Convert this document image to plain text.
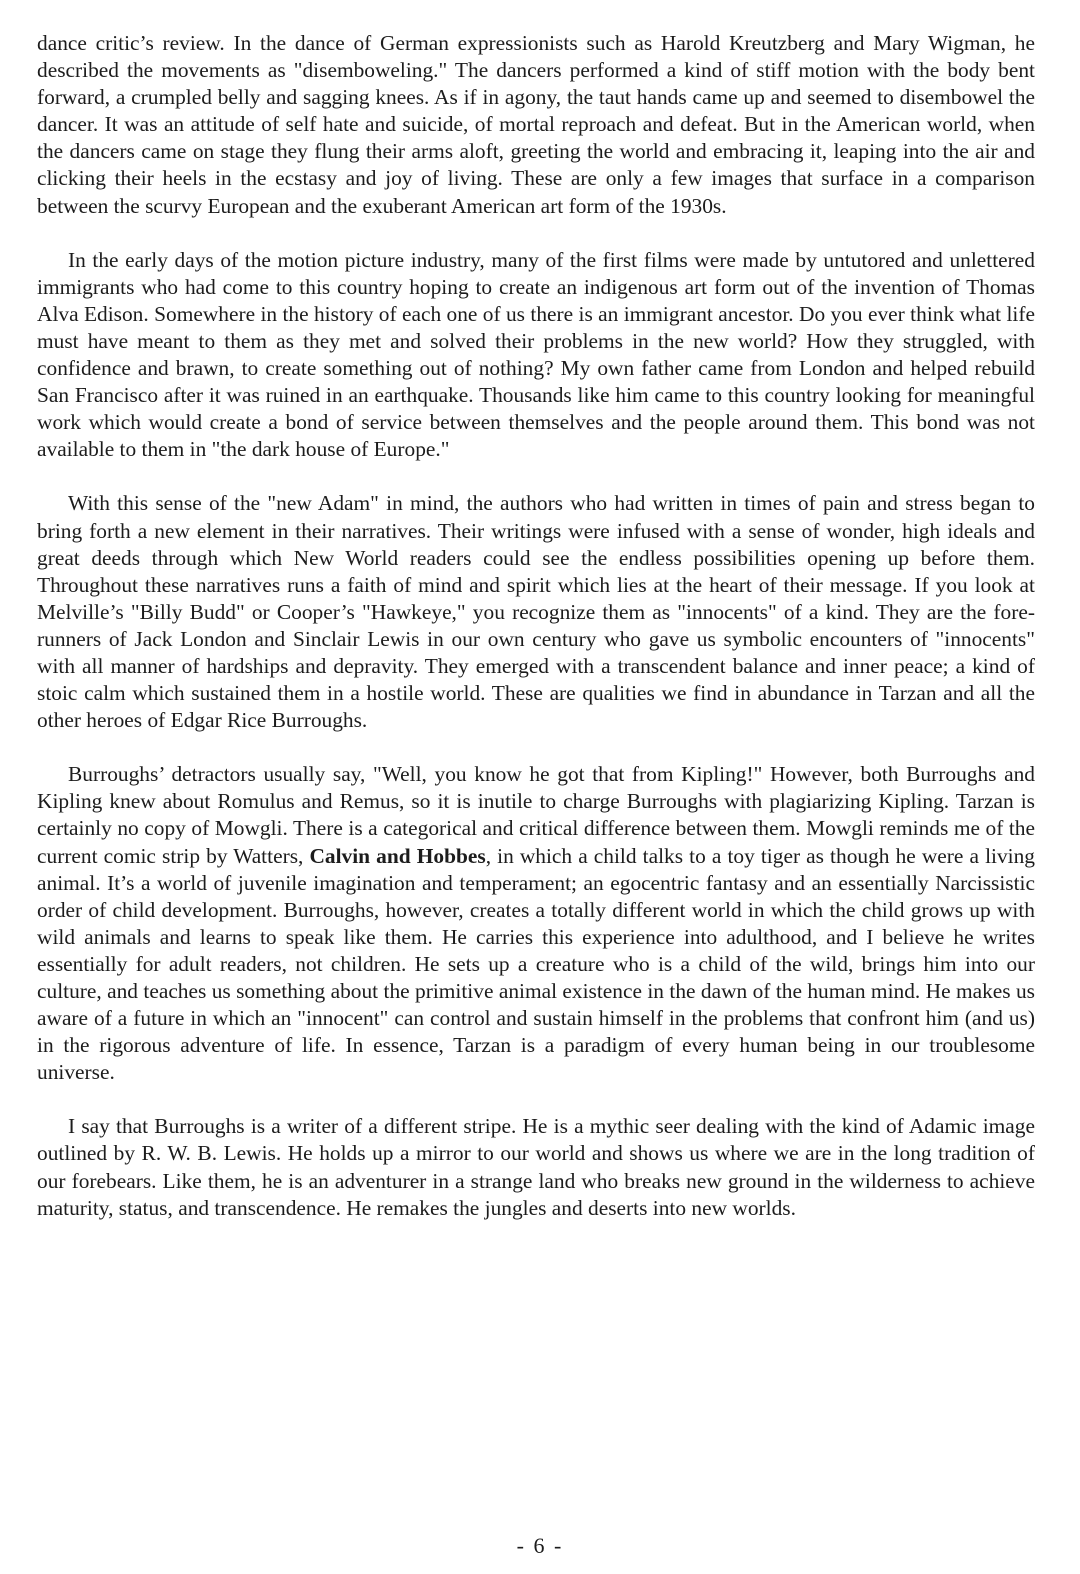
dance critic’s review. In the dance of German expressionists such as Harold Kreutzberg and Mary Wigman, he described the movements as "disemboweling." The dancers performed a kind of stiff motion with the body bent forward, a crumpled belly and sagging knees. As if in agony, the taut hands came up and seemed to disembowel the dancer. It was an attitude of self hate and suicide, of mortal reproach and defeat. But in the American world, when the dancers came on stage they flung their arms aloft, greeting the world and embracing it, leaping into the air and clicking their heels in the ecstasy and joy of living. These are only a few images that surface in a comparison between the scurvy European and the exuberant American art form of the 1930s.

In the early days of the motion picture industry, many of the first films were made by untutored and unlettered immigrants who had come to this country hoping to create an indigenous art form out of the invention of Thomas Alva Edison. Somewhere in the history of each one of us there is an immigrant ancestor. Do you ever think what life must have meant to them as they met and solved their problems in the new world? How they struggled, with confidence and brawn, to create something out of nothing? My own father came from London and helped rebuild San Francisco after it was ruined in an earthquake. Thousands like him came to this country looking for meaningful work which would create a bond of service between themselves and the people around them. This bond was not available to them in "the dark house of Europe."

With this sense of the "new Adam" in mind, the authors who had written in times of pain and stress began to bring forth a new element in their narratives. Their writings were infused with a sense of wonder, high ideals and great deeds through which New World readers could see the endless possibilities opening up before them. Throughout these narratives runs a faith of mind and spirit which lies at the heart of their message. If you look at Melville’s "Billy Budd" or Cooper’s "Hawkeye," you recognize them as "innocents" of a kind. They are the forerunners of Jack London and Sinclair Lewis in our own century who gave us symbolic encounters of "innocents" with all manner of hardships and depravity. They emerged with a transcendent balance and inner peace; a kind of stoic calm which sustained them in a hostile world. These are qualities we find in abundance in Tarzan and all the other heroes of Edgar Rice Burroughs.

Burroughs’ detractors usually say, "Well, you know he got that from Kipling!" However, both Burroughs and Kipling knew about Romulus and Remus, so it is inutile to charge Burroughs with plagiarizing Kipling. Tarzan is certainly no copy of Mowgli. There is a categorical and critical difference between them. Mowgli reminds me of the current comic strip by Watters, Calvin and Hobbes, in which a child talks to a toy tiger as though he were a living animal. It’s a world of juvenile imagination and temperament; an egocentric fantasy and an essentially Narcissistic order of child development. Burroughs, however, creates a totally different world in which the child grows up with wild animals and learns to speak like them. He carries this experience into adulthood, and I believe he writes essentially for adult readers, not children. He sets up a creature who is a child of the wild, brings him into our culture, and teaches us something about the primitive animal existence in the dawn of the human mind. He makes us aware of a future in which an "innocent" can control and sustain himself in the problems that confront him (and us) in the rigorous adventure of life. In essence, Tarzan is a paradigm of every human being in our troublesome universe.

I say that Burroughs is a writer of a different stripe. He is a mythic seer dealing with the kind of Adamic image outlined by R. W. B. Lewis. He holds up a mirror to our world and shows us where we are in the long tradition of our forebears. Like them, he is an adventurer in a strange land who breaks new ground in the wilderness to achieve maturity, status, and transcendence. He remakes the jungles and deserts into new worlds.

- 6 -
